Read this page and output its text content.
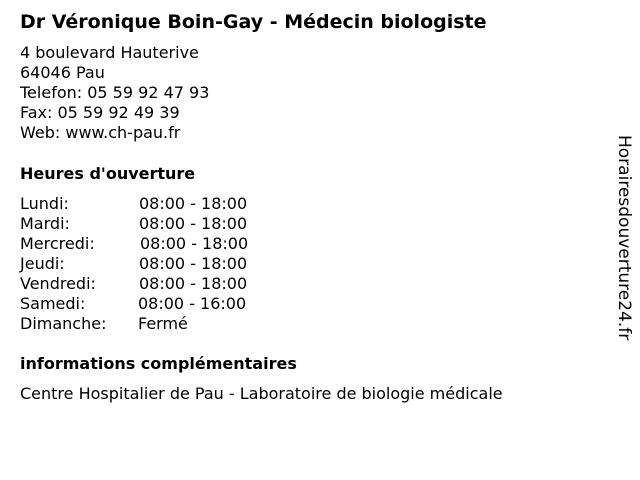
Dr Véronique Boin-Gay - Médecin biologiste
4 boulevard Hauterive
64046 Pau
Telefon: 05 59 92 47 93
Fax: 05 59 92 49 39
Web: www.ch-pau.fr
Heures d'ouverture
Lundi:	08:00 - 18:00
Mardi:	08:00 - 18:00
Mercredi:	08:00 - 18:00
Jeudi:	08:00 - 18:00
Vendredi:	08:00 - 18:00
Samedi:	08:00 - 16:00
Dimanche: Fermé
informations complémentaires
Centre Hospitalier de Pau - Laboratoire de biologie médicale
Horairesdouverture24.fr
